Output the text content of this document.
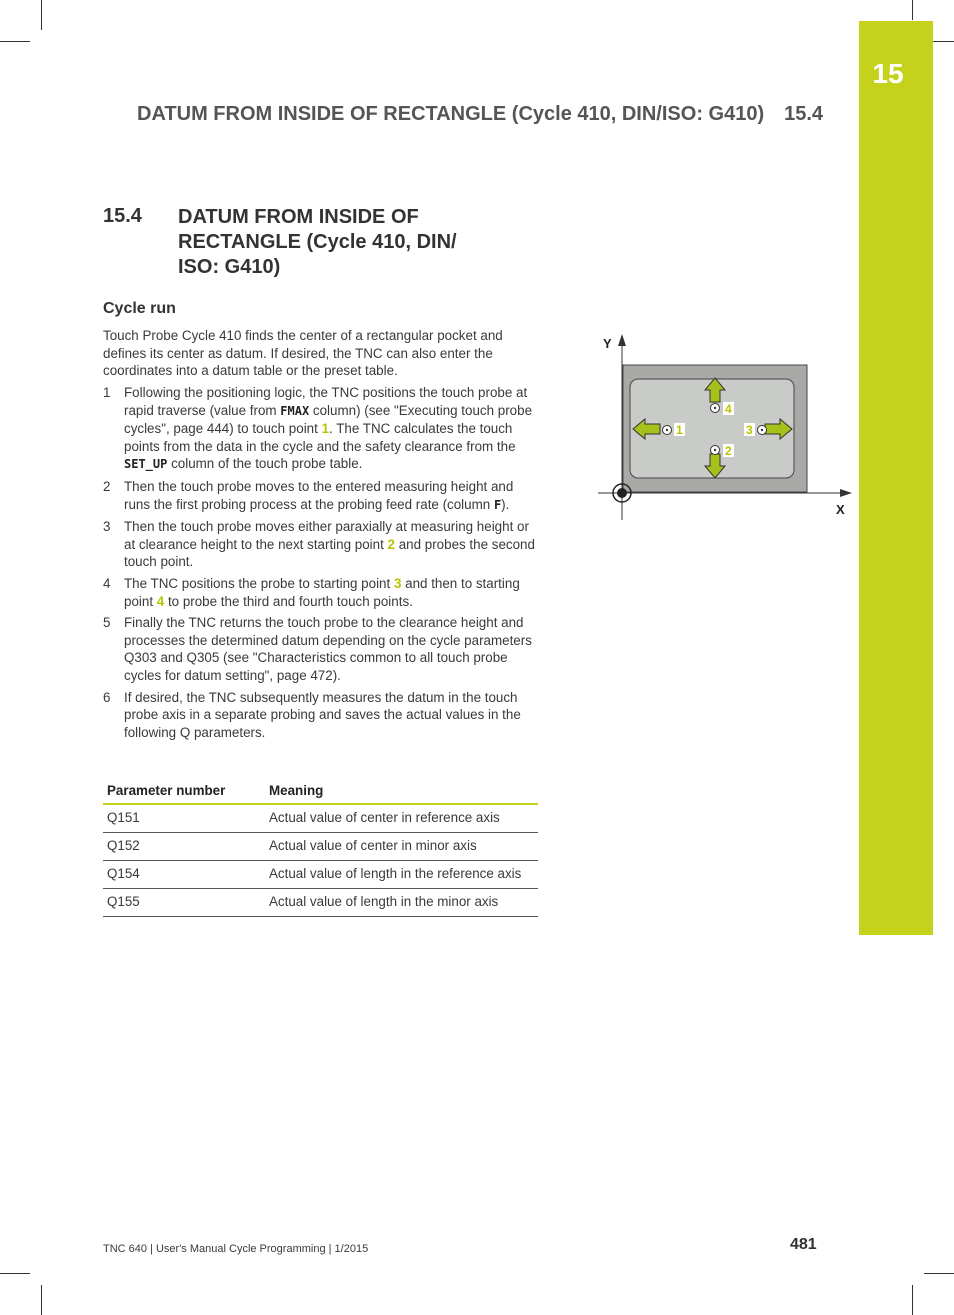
15
DATUM FROM INSIDE OF RECTANGLE (Cycle 410, DIN/ISO: G410) 15.4
15.4 DATUM FROM INSIDE OF RECTANGLE (Cycle 410, DIN/ ISO: G410)
Cycle run
Touch Probe Cycle 410 finds the center of a rectangular pocket and defines its center as datum. If desired, the TNC can also enter the coordinates into a datum table or the preset table.
1 Following the positioning logic, the TNC positions the touch probe at rapid traverse (value from FMAX column) (see "Executing touch probe cycles", page 444) to touch point 1. The TNC calculates the touch points from the data in the cycle and the safety clearance from the SET_UP column of the touch probe table.
2 Then the touch probe moves to the entered measuring height and runs the first probing process at the probing feed rate (column F).
3 Then the touch probe moves either paraxially at measuring height or at clearance height to the next starting point 2 and probes the second touch point.
4 The TNC positions the probe to starting point 3 and then to starting point 4 to probe the third and fourth touch points.
5 Finally the TNC returns the touch probe to the clearance height and processes the determined datum depending on the cycle parameters Q303 and Q305 (see "Characteristics common to all touch probe cycles for datum setting", page 472).
6 If desired, the TNC subsequently measures the datum in the touch probe axis in a separate probing and saves the actual values in the following Q parameters.
Parameter number	Meaning
Q151	Actual value of center in reference axis
Q152	Actual value of center in minor axis
Q154	Actual value of length in the reference axis
Q155	Actual value of length in the minor axis
Y
X
4
1	3
2
TNC 640 | User's Manual Cycle Programming | 1/2015	481
